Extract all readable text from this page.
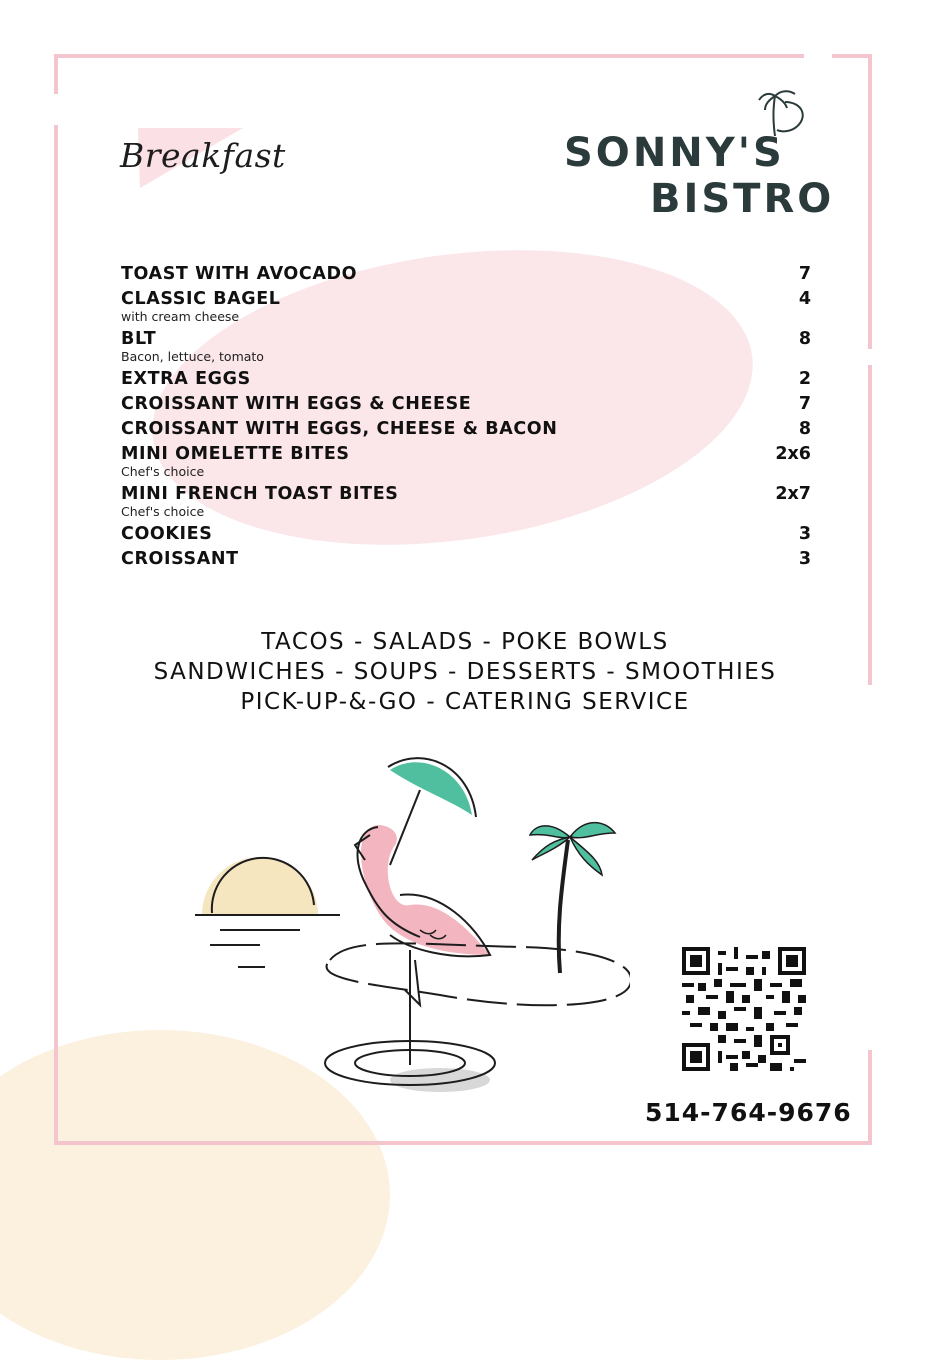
Breakfast	SONNY'S
BISTRO
TOAST WITH AVOCADO	7
CLASSIC BAGEL	4
with cream cheese
BLT	8
Bacon, lettuce, tomato
EXTRA EGGS	2
CROISSANT WITH EGGS & CHEESE	7
CROISSANT WITH EGGS, CHEESE & BACON	8
MINI OMELETTE BITES	2x6
Chef's choice
MINI FRENCH TOAST BITES	2x7
Chef's choice
COOKIES	3
CROISSANT	3
TACOS - SALADS - POKE BOWLS
SANDWICHES - SOUPS - DESSERTS - SMOOTHIES
PICK-UP-&-GO - CATERING SERVICE
514-764-9676
